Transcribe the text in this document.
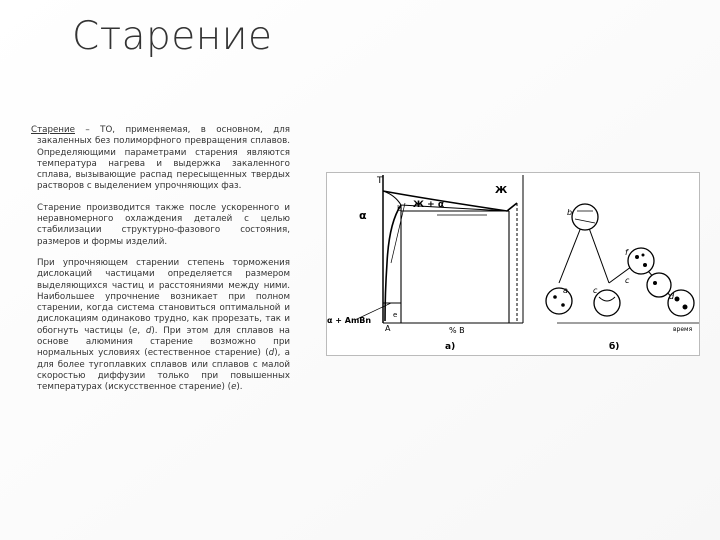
Старение

Старение – ТО, применяемая, в основном, для закаленных без полиморфного превращения сплавов. Определяющими параметрами старения являются температура нагрева и выдержка закаленного сплава, вызывающие распад пересыщенных твердых растворов с выделением упрочняющих фаз.

Старение производится также после ускоренного и неравномерного охлаждения деталей с целью стабилизации структурно-фазового состояния, размеров и формы изделий.

При упрочняющем старении степень торможения дислокаций частицами определяется размером выделяющихся частиц и расстояниями между ними. Наибольшее упрочнение возникает при полном старении, когда система становиться оптимальной и дислокациям одинаково трудно, как прорезать, так и обогнуть частицы (е, d). При этом для сплавов на основе алюминия старение возможно при нормальных условиях (естественное старение) (d), а для более тугоплавких сплавов или сплавов с малой скоростью диффузии только при повышенных температурах (искусственное старение) (е).

T
Ж
Ж + α
α
b
e
α + AmBn
A	% B
а)
b
f
c
a	c
d
время
б)
